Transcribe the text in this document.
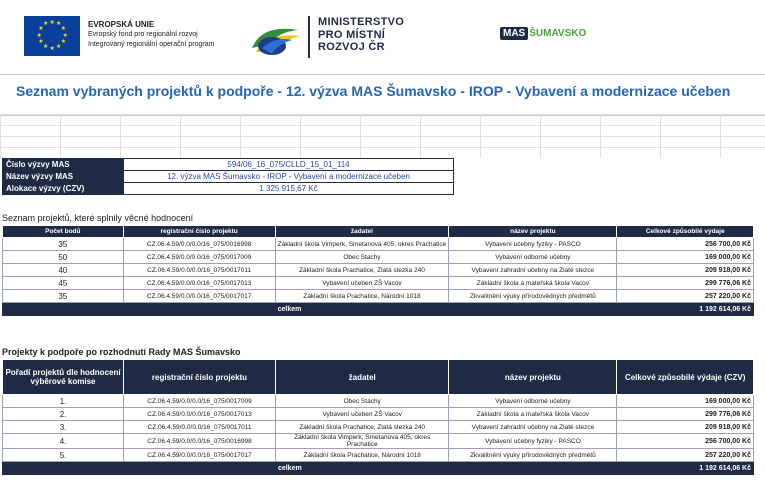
★
★
★
★
★
★
★
★
★ ★ ★
★	EVROPSKÁ UNIE
Evropský fond pro regionální rozvoj
Integrovaný regionální operační program
MINISTERSTVO
PRO MÍSTNÍ
ROZVOJ ČR
MAS ŠUMAVSKO
Seznam vybraných projektů k podpoře - 12. výzva MAS Šumavsko - IROP - Vybavení a modernizace učeben
Číslo výzvy MAS	594/06_16_075/CLLD_15_01_114
Název výzvy MAS	12. výzva MAS Šumavsko - IROP - Vybavení a modernizace učeben
Alokace výzvy (CZV)	1 325 915,67 Kč
Seznam projektů, které splnily věcné hodnocení
Počet bodů	registrační číslo projektu	žadatel	název projektu	Celkové způsobilé výdaje
35	CZ.06.4.59/0.0/0.0/16_075/0016998	Základní škola Vimperk, Smetanova 405, okres Prachatice	Vybavení učebny fyziky - PASCO	256 700,00 Kč
50	CZ.06.4.59/0.0/0.0/16_075/0017009	Obec Stachy	Vybavení odborné učebny	169 000,00 Kč
40	CZ.06.4.59/0.0/0.0/16_075/0017011	Základní škola Prachatice, Zlatá stezka 240	Vybavení zahradní učebny na Zlaté stezce	209 918,00 Kč
45	CZ.06.4.59/0.0/0.0/16_075/0017013	Vybavení učeben ZŠ Vacov	Základní škola a mateřská škola Vacov	299 776,06 Kč
35	CZ.06.4.59/0.0/0.0/16_075/0017017	Základní škola Prachatice, Národní 1018	Zkvalitnění výuky přírodovědných předmětů	257 220,00 Kč
		celkem		1 192 614,06 Kč
Projekty k podpoře po rozhodnutí Rady MAS Šumavsko
Pořadí projektů dle hodnocení výběrové komise	registrační číslo projektu	žadatel	název projektu	Celkové způsobilé výdaje (CZV)
1.	CZ.06.4.59/0.0/0.0/16_075/0017009	Obec Stachy	Vybavení odborné učebny	169 000,00 Kč
2.	CZ.06.4.59/0.0/0.0/16_075/0017013	Vybavení učeben ZŠ Vacov	Základní škola a mateřská škola Vacov	299 776,06 Kč
3.	CZ.06.4.59/0.0/0.0/16_075/0017011	Základní škola Prachatice, Zlatá stezka 240	Vybavení zahradní učebny na Zlaté stezce	209 918,00 Kč
4.	CZ.06.4.59/0.0/0.0/16_075/0016998	Základní škola Vimperk, Smetanova 405, okres Prachatice	Vybavení učebny fyziky - PASCO	256 700,00 Kč
5.	CZ.06.4.59/0.0/0.0/16_075/0017017	Základní škola Prachatice, Národní 1018	Zkvalitnění výuky přírodovědných předmětů	257 220,00 Kč
		celkem		1 192 614,06 Kč
